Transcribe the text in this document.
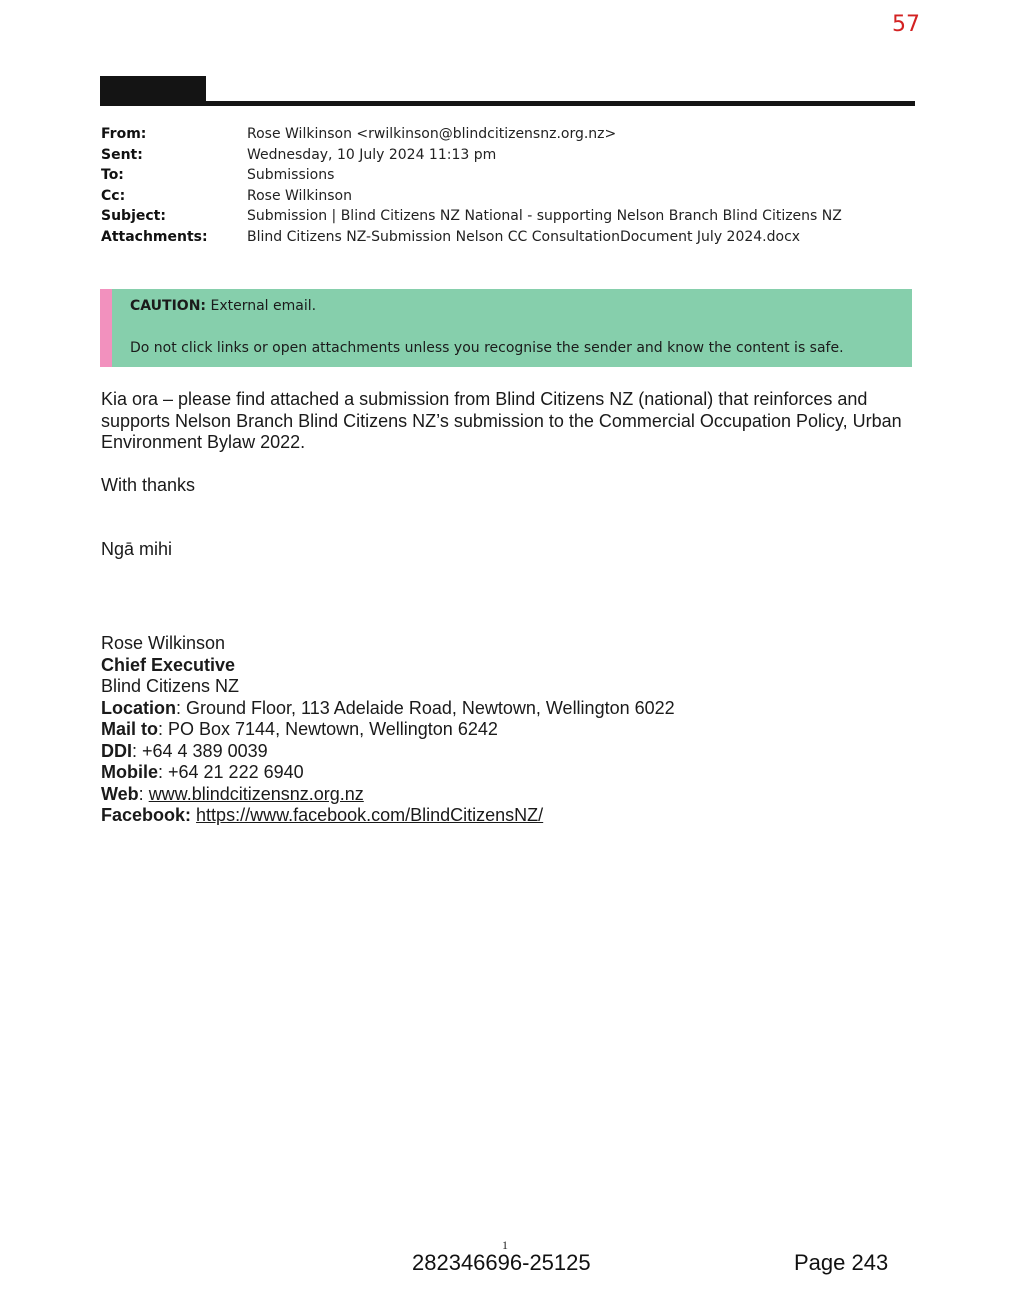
57
From:	Rose Wilkinson <rwilkinson@blindcitizensnz.org.nz>
Sent:	Wednesday, 10 July 2024 11:13 pm
To:	Submissions
Cc:	Rose Wilkinson
Subject:	Submission | Blind Citizens NZ National - supporting Nelson Branch Blind Citizens NZ
Attachments:	Blind Citizens NZ-Submission Nelson CC ConsultationDocument July 2024.docx
CAUTION: External email.
Do not click links or open attachments unless you recognise the sender and know the content is safe.
Kia ora – please find attached a submission from Blind Citizens NZ (national) that reinforces and supports Nelson Branch Blind Citizens NZ’s submission to the Commercial Occupation Policy, Urban Environment Bylaw 2022.
With thanks
Ngā mihi
Rose Wilkinson
Chief Executive
Blind Citizens NZ
Location: Ground Floor, 113 Adelaide Road, Newtown, Wellington 6022
Mail to: PO Box 7144, Newtown, Wellington 6242
DDI: +64 4 389 0039
Mobile: +64 21 222 6940
Web: www.blindcitizensnz.org.nz
Facebook: https://www.facebook.com/BlindCitizensNZ/
1
282346696-25125	Page 243
